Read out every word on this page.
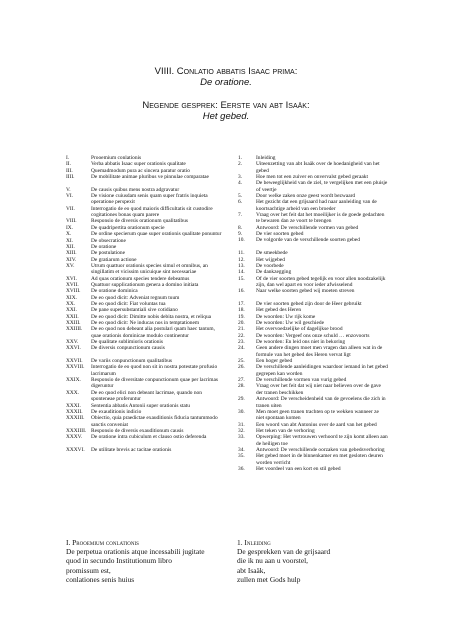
VIIII. Conlatio abbatis Isaac prima:
De oratione.
Negende gesprek: Eerste van abt Isaäk:
Het gebed.
I.	Prooemium conlationis
II.	Verba abbatis Isaac super orationis qualitate
III.	Quemadmodum pura ac sincera paratur oratio
IIII.	De mobilitate animae pluribus ve pinnulae comparatae
V.	De causis quibus mens nostra adgravatur
VI.	De visione cuiusdam senis quam super fratris inquieta operatione perspexit
VII.	Interrogatio de eo quod maioris difficultatis sit custodire cogitationes bonas quam parere
VIII.	Responsio de diversis orationum qualitatibus
IX.	De quadripertita orationum specie
X.	De ordine specierum quae super orationis qualitate ponuntur
XI.	De obsecratione
XII.	De oratione
XIII.	De postulatione
XIV.	De gratiarum actione
XV.	Utrum quattuor orationis species simul et omnibus, an singillatim et vicissim unicuique sint necessariae
XVI.	Ad quas orationum species tendere debeamus
XVII.	Quattuor supplicationum genera a domino initiata
XVIII.	De oratione dominica
XIX.	De eo quod dicit: Adveniat regnum tuum
XX.	De eo quod dicit: Fiat voluntas tua
XXI.	De pane supersubstantiali sive cotidiano
XXII.	De eo quod dicit: Dimitte nobis debita nostra, et reliqua
XXIII.	De eo quod dicit: Ne inducas nos in temptationem
XXIIII.	De eo quod non debeant alia postulari quam haec tantum, quae orationis dominicae modulo continentur
XXV.	De qualitate sublimioris orationis
XXVI.	De diversis conpunctionum causis
XXVII.	De variis conpunctionum qualitatibus
XXVIII.	Interrogatio de eo quod non sit in nostra potestate profusio lacrimarum
XXIX.	Responsio de diversitate conpunctionum quae per lacrimas digeruntur
XXX.	De eo quod elici non debeant lacrimae, quando non sponteneae proferuntur
XXXI.	Sententia abbatis Antonii super orationis statu
XXXII.	De exauditionis indicio
XXXIII.	Obiectio, quia praedictae exauditionis fiducia tantummodo sanctis conveniat
XXXIIII. Responsio de diversis exauditionum causis
XXXV.	De oratione intra cubiculum et clauso ostio deferenda
XXXVI.	De utilitate brevis ac tacitae orationis
1.	Inleiding
2.	Uiteenzetting van abt Isaäk over de hoedanigheid van het gebed
3.	Hoe men tot een zuiver en onvervalst gebed geraakt
4.	De beweeglijkheid van de ziel, te vergelijken met een pluisje of veertje
5.	Door welke zaken onze geest wordt bezwaard
6.	Het gezicht dat een grijsaard had naar aanleiding van de koortsachtige arbeid van een broeder
7.	Vraag over het feit dat het moeilijker is de goede gedachten te bewaren dan ze voort te brengen
8.	Antwoord: De verschillende vormen van gebed
9.	De vier soorten gebed
10.	De volgorde van de verschillende soorten gebed
11.	De smeekbede
12.	Het wijgebed
13.	De voorbede
14.	De dankzegging
15.	Of de vier soorten gebed tegelijk en voor allen noodzakelijk zijn, dan wel apart en voor ieder afwisselend
16.	Naar welke soorten gebed wij moeten streven
17.	De vier soorten gebed zijn door de Heer gebruikt
18.	Het gebed des Heren
19.	De woorden: Uw rijk kome
20.	De woorden: Uw wil geschiede
21.	Het overvoedzelijke of dagelijkse brood
22.	De woorden: Vergeef ons onze schuld … enzovoorts
23.	De woorden: En leid ons niet in bekoring
24.	Geen andere dingen moet men vragen dan alleen wat in de formule van het gebed des Heren vervat ligt
25.	Een hoger gebed
26.	De verschillende aanleidingen waardoor iemand in het gebed gegrepen kan worden
27.	De verschillende vormen van vurig gebed
28.	Vraag over het feit dat wij niet naar believen over de gave der tranen beschikken
29.	Antwoord: De verscheidenheid van de gevoelens die zich in tranen uiten
30.	Men moet geen tranen trachten op te wekken wanneer ze niet spontaan komen
31.	Een woord van abt Antonius over de aard van het gebed
32.	Het teken van de verhoring
33.	Opwerping: Het vertrouwen verhoord te zijn komt alleen aan de heiligen toe
34.	Antwoord: De verschillende oorzaken van gebedsverhoring
35.	Het gebed moet in de binnenkamer en met gesloten deuren worden verricht
36.	Het voordeel van een kort en stil gebed
I. Prooemium conlationis
De perpetua orationis atque incessabili jugitate
quod in secundo Institutionum libro
promissum est,
conlationes senis huius
1. Inleiding
De gesprekken van de grijsaard
die ik nu aan u voorstel,
abt Isaäk,
zullen met Gods hulp
